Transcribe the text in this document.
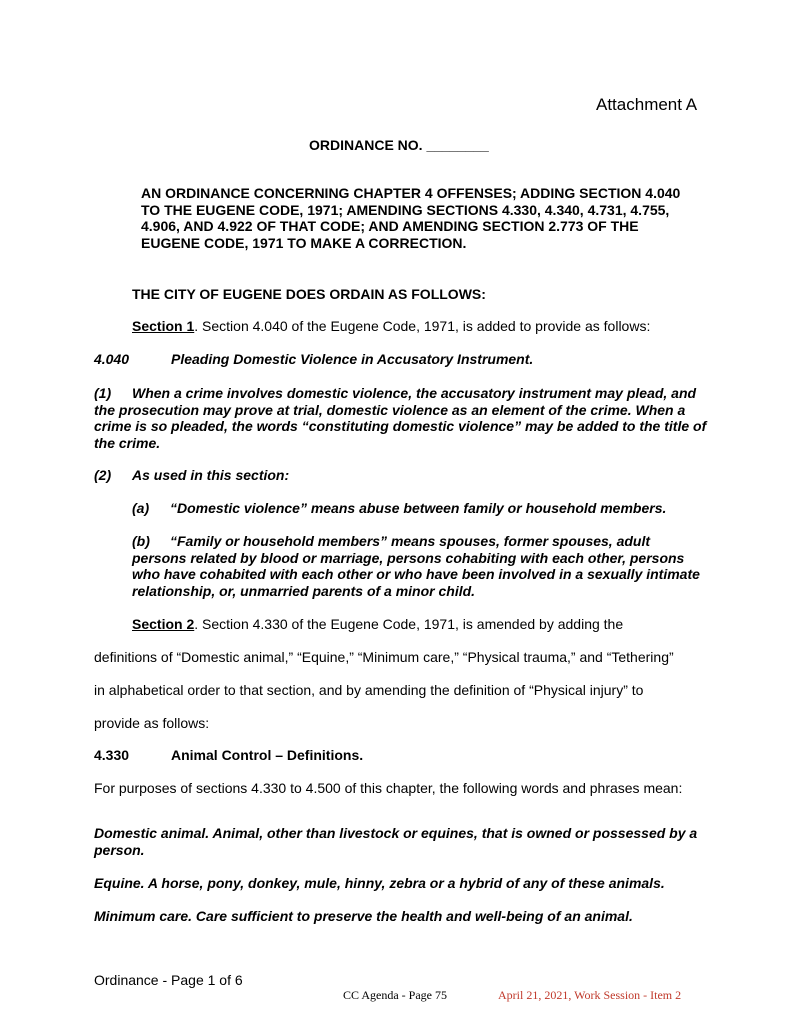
Attachment A
ORDINANCE NO. ________
AN ORDINANCE CONCERNING CHAPTER 4 OFFENSES; ADDING SECTION 4.040 TO THE EUGENE CODE, 1971; AMENDING SECTIONS 4.330, 4.340, 4.731, 4.755, 4.906, AND 4.922 OF THAT CODE; AND AMENDING SECTION 2.773 OF THE EUGENE CODE, 1971 TO MAKE A CORRECTION.
THE CITY OF EUGENE DOES ORDAIN AS FOLLOWS:
Section 1. Section 4.040 of the Eugene Code, 1971, is added to provide as follows:
4.040	Pleading Domestic Violence in Accusatory Instrument.
(1) When a crime involves domestic violence, the accusatory instrument may plead, and the prosecution may prove at trial, domestic violence as an element of the crime. When a crime is so pleaded, the words “constituting domestic violence” may be added to the title of the crime.
(2) As used in this section:
(a) “Domestic violence” means abuse between family or household members.
(b) “Family or household members” means spouses, former spouses, adult persons related by blood or marriage, persons cohabiting with each other, persons who have cohabited with each other or who have been involved in a sexually intimate relationship, or, unmarried parents of a minor child.
Section 2. Section 4.330 of the Eugene Code, 1971, is amended by adding the
definitions of “Domestic animal,” “Equine,” “Minimum care,” “Physical trauma,” and “Tethering”
in alphabetical order to that section, and by amending the definition of “Physical injury” to
provide as follows:
4.330	Animal Control – Definitions.
For purposes of sections 4.330 to 4.500 of this chapter, the following words and phrases mean:
Domestic animal. Animal, other than livestock or equines, that is owned or possessed by a person.
Equine. A horse, pony, donkey, mule, hinny, zebra or a hybrid of any of these animals.
Minimum care. Care sufficient to preserve the health and well-being of an animal.
Ordinance - Page 1 of 6
CC Agenda - Page 75	April 21, 2021, Work Session - Item 2
